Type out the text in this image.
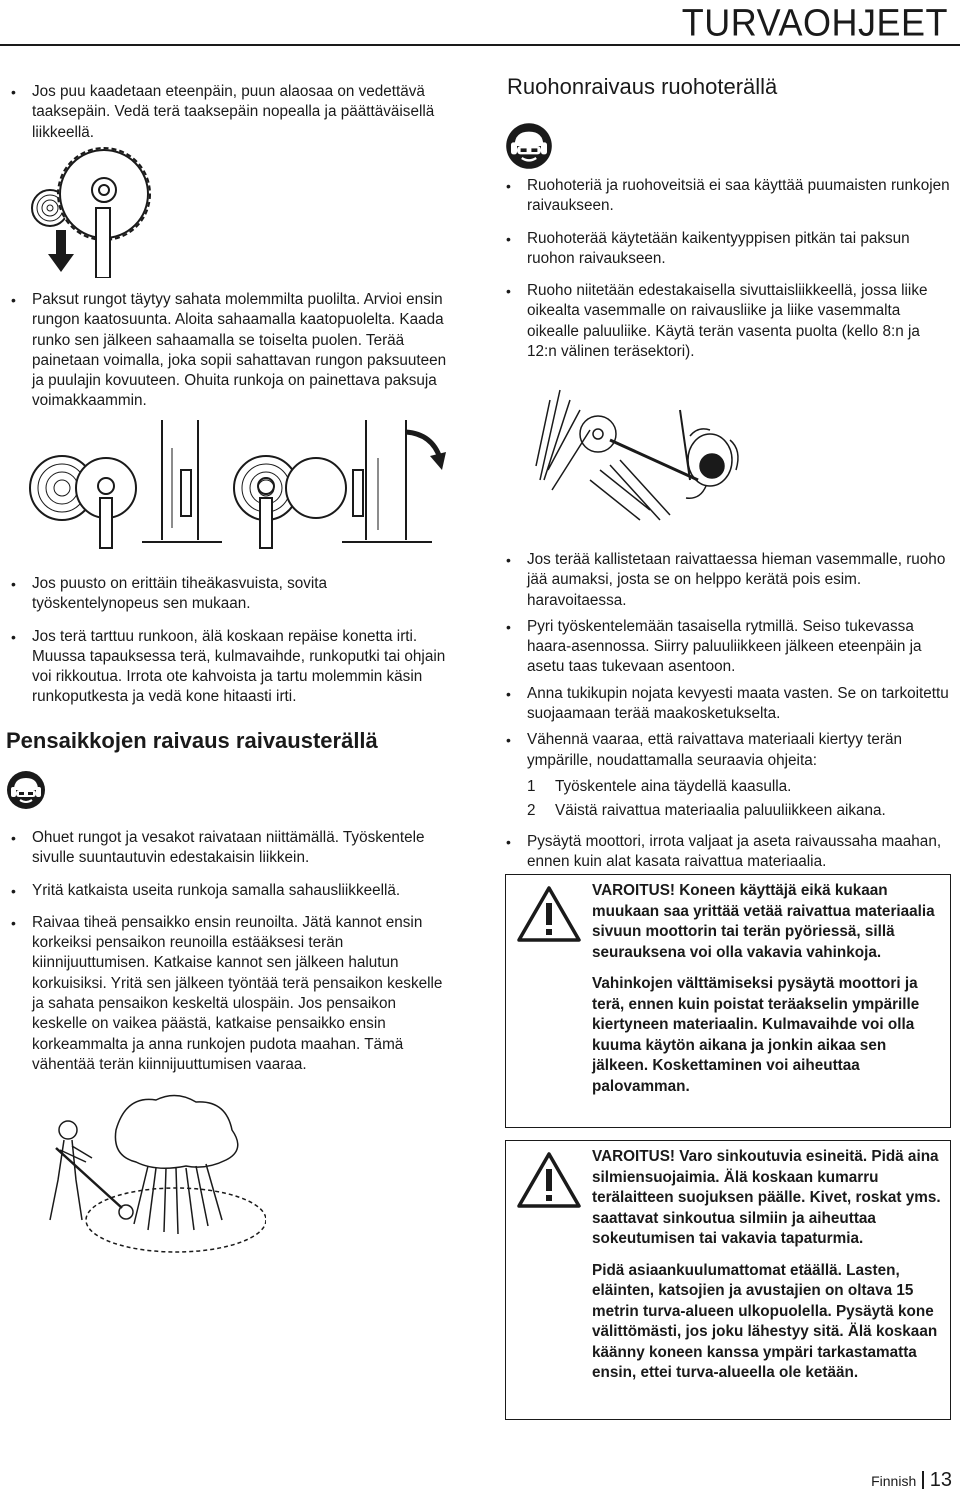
TURVAOHJEET
• Jos puu kaadetaan eteenpäin, puun alaosaa on vedettävä taaksepäin. Vedä terä taaksepäin nopealla ja päättäväisellä liikkeellä.
• Paksut rungot täytyy sahata molemmilta puolilta. Arvioi ensin rungon kaatosuunta. Aloita sahaamalla kaatopuolelta. Kaada runko sen jälkeen sahaamalla se toiselta puolen. Terää painetaan voimalla, joka sopii sahattavan rungon paksuuteen ja puulajin kovuuteen. Ohuita runkoja on painettava paksuja voimakkaammin.
• Jos puusto on erittäin tiheäkasvuista, sovita työskentelynopeus sen mukaan.
• Jos terä tarttuu runkoon, älä koskaan repäise konetta irti. Muussa tapauksessa terä, kulmavaihde, runkoputki tai ohjain voi rikkoutua. Irrota ote kahvoista ja tartu molemmin käsin runkoputkesta ja vedä kone hitaasti irti.
Pensaikkojen raivaus raivausterällä
• Ohuet rungot ja vesakot raivataan niittämällä. Työskentele sivulle suuntautuvin edestakaisin liikkein.
• Yritä katkaista useita runkoja samalla sahausliikkeellä.
• Raivaa tiheä pensaikko ensin reunoilta. Jätä kannot ensin korkeiksi pensaikon reunoilla estääksesi terän kiinnijuuttumisen. Katkaise kannot sen jälkeen halutun korkuisiksi. Yritä sen jälkeen työntää terä pensaikon keskelle ja sahata pensaikon keskeltä ulospäin. Jos pensaikon keskelle on vaikea päästä, katkaise pensaikko ensin korkeammalta ja anna runkojen pudota maahan. Tämä vähentää terän kiinnijuuttumisen vaaraa.
Ruohonraivaus ruohoterällä
• Ruohoteriä ja ruohoveitsiä ei saa käyttää puumaisten runkojen raivaukseen.
• Ruohoterää käytetään kaikentyyppisen pitkän tai paksun ruohon raivaukseen.
• Ruoho niitetään edestakaisella sivuttaisliikkeellä, jossa liike oikealta vasemmalle on raivausliike ja liike vasemmalta oikealle paluuliike. Käytä terän vasenta puolta (kello 8:n ja 12:n välinen teräsektori).
• Jos terää kallistetaan raivattaessa hieman vasemmalle, ruoho jää aumaksi, josta se on helppo kerätä pois esim. haravoitaessa.
• Pyri työskentelemään tasaisella rytmillä. Seiso tukevassa haara-asennossa. Siirry paluuliikkeen jälkeen eteenpäin ja asetu taas tukevaan asentoon.
• Anna tukikupin nojata kevyesti maata vasten. Se on tarkoitettu suojaamaan terää maakosketukselta.
• Vähennä vaaraa, että raivattava materiaali kiertyy terän ympärille, noudattamalla seuraavia ohjeita:
1	Työskentele aina täydellä kaasulla.
2	Väistä raivattua materiaalia paluuliikkeen aikana.
• Pysäytä moottori, irrota valjaat ja aseta raivaussaha maahan, ennen kuin alat kasata raivattua materiaalia.

VAROITUS! Koneen käyttäjä eikä kukaan muukaan saa yrittää vetää raivattua materiaalia sivuun moottorin tai terän pyöriessä, sillä seurauksena voi olla vakavia vahinkoja.

Vahinkojen välttämiseksi pysäytä moottori ja terä, ennen kuin poistat teräakselin ympärille kiertyneen materiaalin. Kulmavaihde voi olla kuuma käytön aikana ja jonkin aikaa sen jälkeen. Koskettaminen voi aiheuttaa palovamman.

VAROITUS! Varo sinkoutuvia esineitä. Pidä aina silmiensuojaimia. Älä koskaan kumarru terälaitteen suojuksen päälle. Kivet, roskat yms. saattavat sinkoutua silmiin ja aiheuttaa sokeutumisen tai vakavia tapaturmia.

Pidä asiaankuulumattomat etäällä. Lasten, eläinten, katsojien ja avustajien on oltava 15 metrin turva-alueen ulkopuolella. Pysäytä kone välittömästi, jos joku lähestyy sitä. Älä koskaan käänny koneen kanssa ympäri tarkastamatta ensin, ettei turva-alueella ole ketään.

Finnish 13
